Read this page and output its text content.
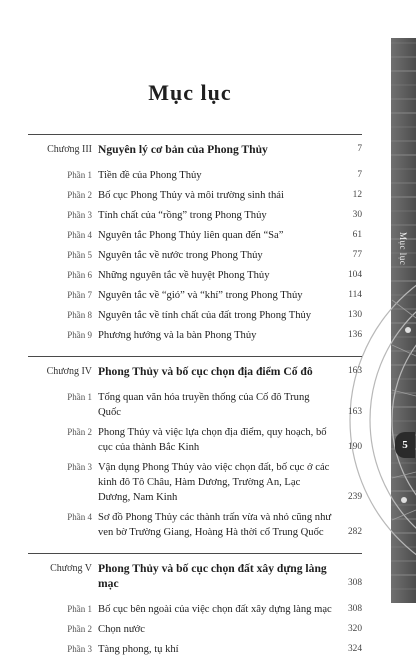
Mục lục
5
Mục lục
Chương III Nguyên lý cơ bản của Phong Thủy	7
Phần 1 Tiền đề của Phong Thủy	7
Phần 2 Bố cục Phong Thủy và môi trường sinh thái	12
Phần 3 Tính chất của “rồng” trong Phong Thủy	30
Phần 4 Nguyên tắc Phong Thủy liên quan đến “Sa”	61
Phần 5 Nguyên tắc về nước trong Phong Thủy	77
Phần 6 Những nguyên tắc về huyệt Phong Thủy	104
Phần 7 Nguyên tắc về “gió” và “khí” trong Phong Thủy	114
Phần 8 Nguyên tắc về tính chất của đất trong Phong Thủy	130
Phần 9 Phương hướng và la bàn Phong Thủy	136
Chương IV Phong Thủy và bố cục chọn địa điểm Cố đô	163
Phần 1 Tổng quan văn hóa truyền thống của Cố đô Trung Quốc	163
Phần 2 Phong Thủy và việc lựa chọn địa điểm, quy hoạch, bố cục của thành Bắc Kinh	190
Phần 3 Vận dụng Phong Thủy vào việc chọn đất, bố cục ở các kinh đô Tô Châu, Hàm Dương, Trường An, Lạc Dương, Nam Kinh	239
Phần 4 Sơ đồ Phong Thủy các thành trấn vừa và nhỏ cũng như ven bờ Trường Giang, Hoàng Hà thời cổ Trung Quốc	282
Chương V Phong Thủy và bố cục chọn đất xây dựng làng mạc	308
Phần 1 Bố cục bên ngoài của việc chọn đất xây dựng làng mạc 308
Phần 2 Chọn nước	320
Phần 3 Tàng phong, tụ khí	324
